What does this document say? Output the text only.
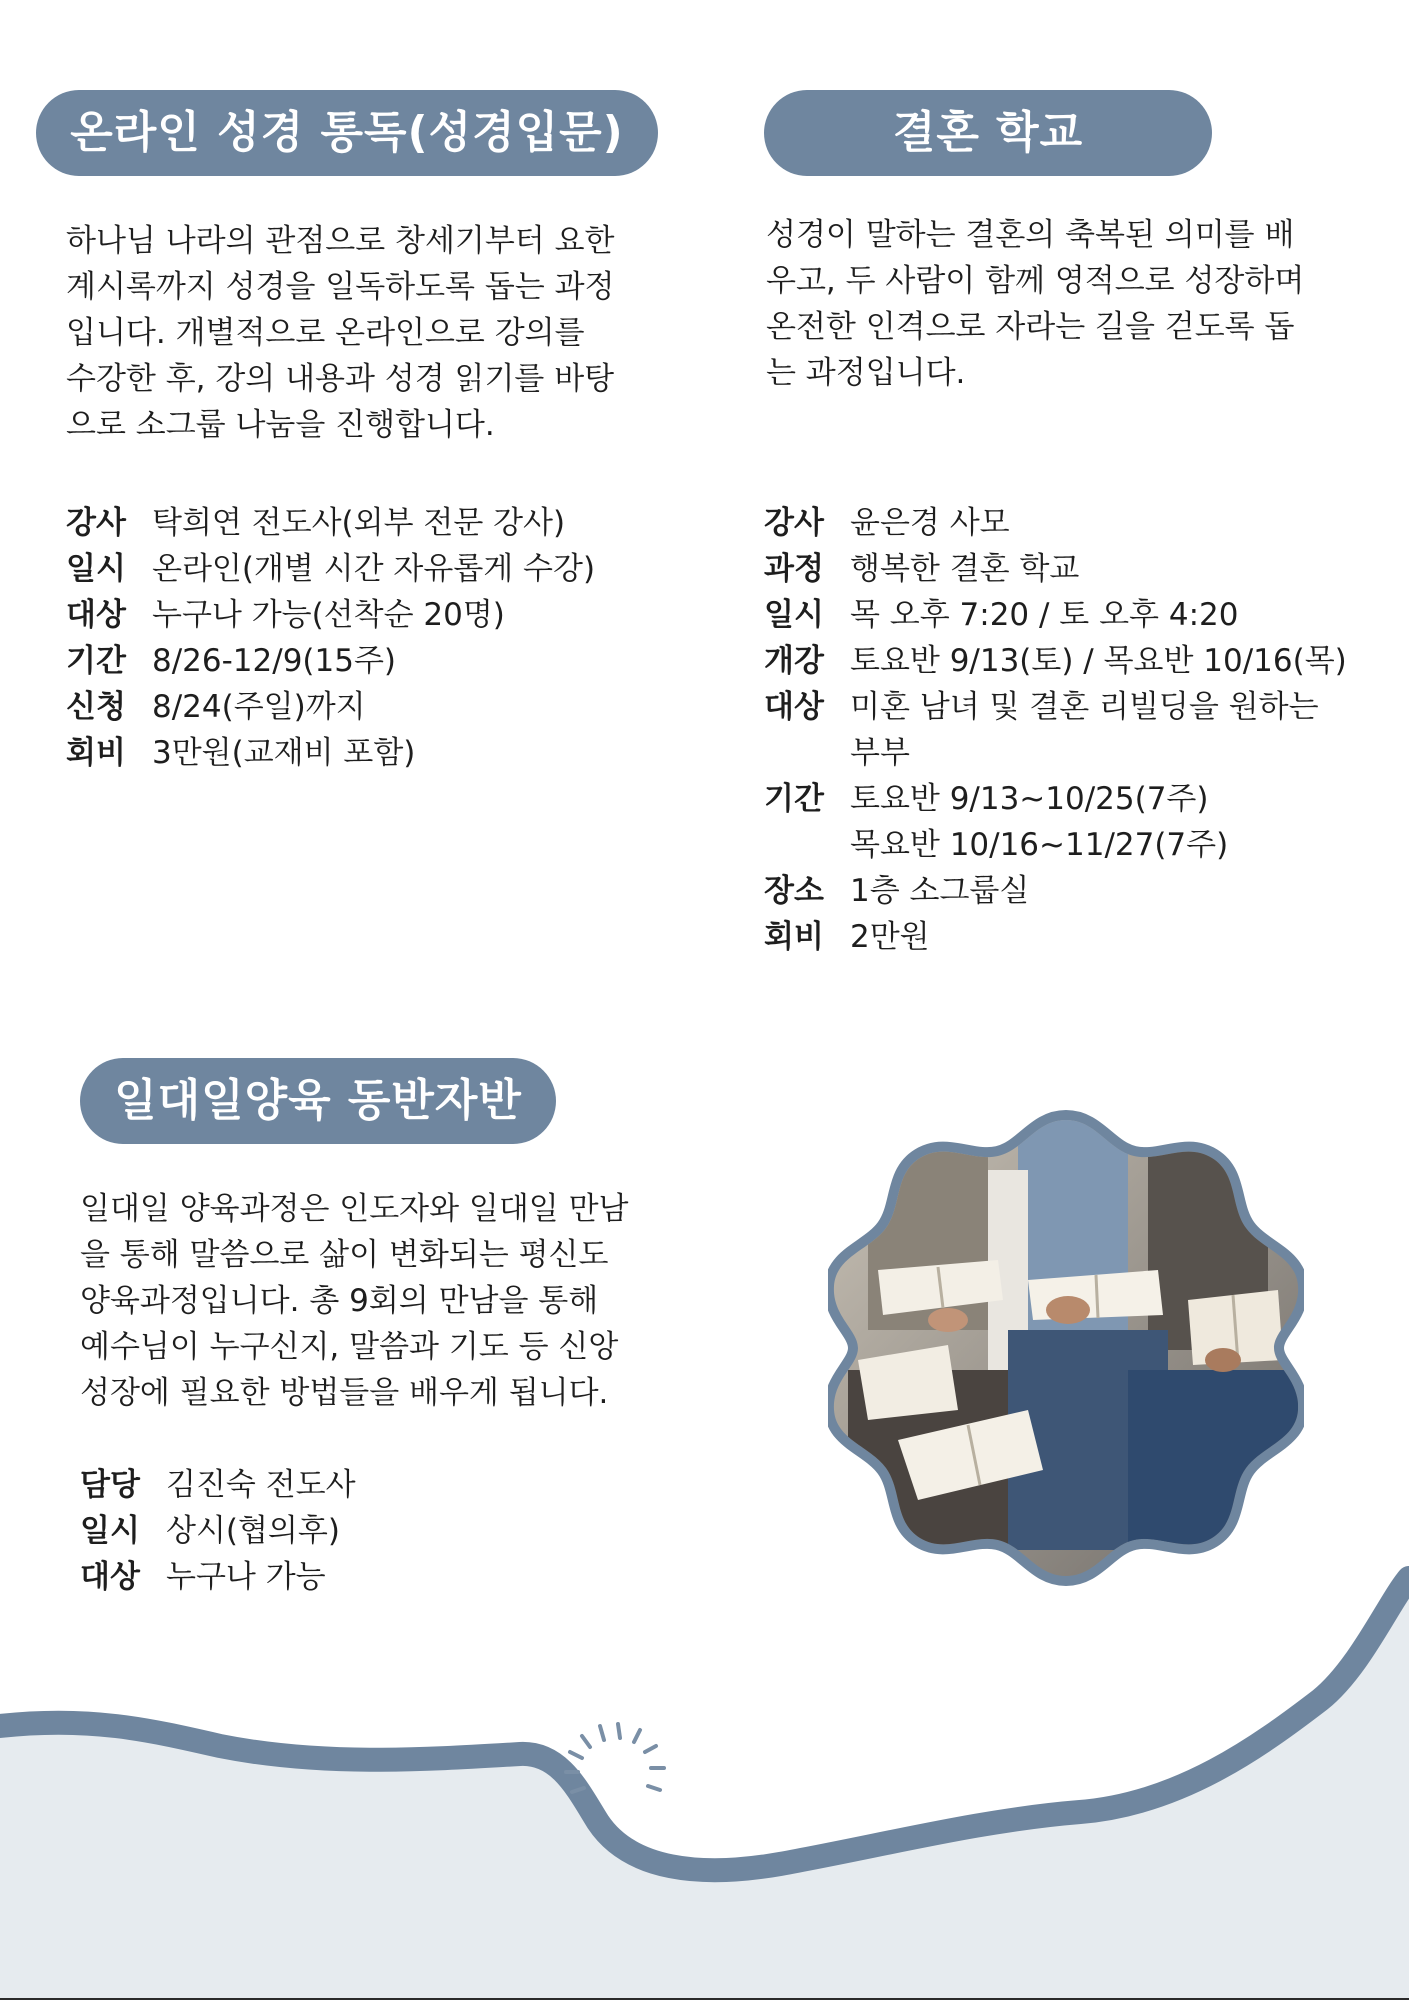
온라인 성경 통독(성경입문)
하나님 나라의 관점으로 창세기부터 요한
계시록까지 성경을 일독하도록 돕는 과정
입니다. 개별적으로 온라인으로 강의를
수강한 후, 강의 내용과 성경 읽기를 바탕
으로 소그룹 나눔을 진행합니다.
강사 탁희연 전도사(외부 전문 강사)
일시 온라인(개별 시간 자유롭게 수강)
대상 누구나 가능(선착순 20명)
기간 8/26-12/9(15주)
신청 8/24(주일)까지
회비 3만원(교재비 포함)
결혼 학교
성경이 말하는 결혼의 축복된 의미를 배
우고, 두 사람이 함께 영적으로 성장하며
온전한 인격으로 자라는 길을 걷도록 돕
는 과정입니다.
강사 윤은경 사모
과정 행복한 결혼 학교
일시 목 오후 7:20 / 토 오후 4:20
개강 토요반 9/13(토) / 목요반 10/16(목)
대상 미혼 남녀 및 결혼 리빌딩을 원하는
부부
기간 토요반 9/13~10/25(7주)
목요반 10/16~11/27(7주)
장소 1층 소그룹실
회비 2만원
일대일양육 동반자반
일대일 양육과정은 인도자와 일대일 만남
을 통해 말씀으로 삶이 변화되는 평신도
양육과정입니다. 총 9회의 만남을 통해
예수님이 누구신지, 말씀과 기도 등 신앙
성장에 필요한 방법들을 배우게 됩니다.
담당 김진숙 전도사
일시 상시(협의후)
대상 누구나 가능
